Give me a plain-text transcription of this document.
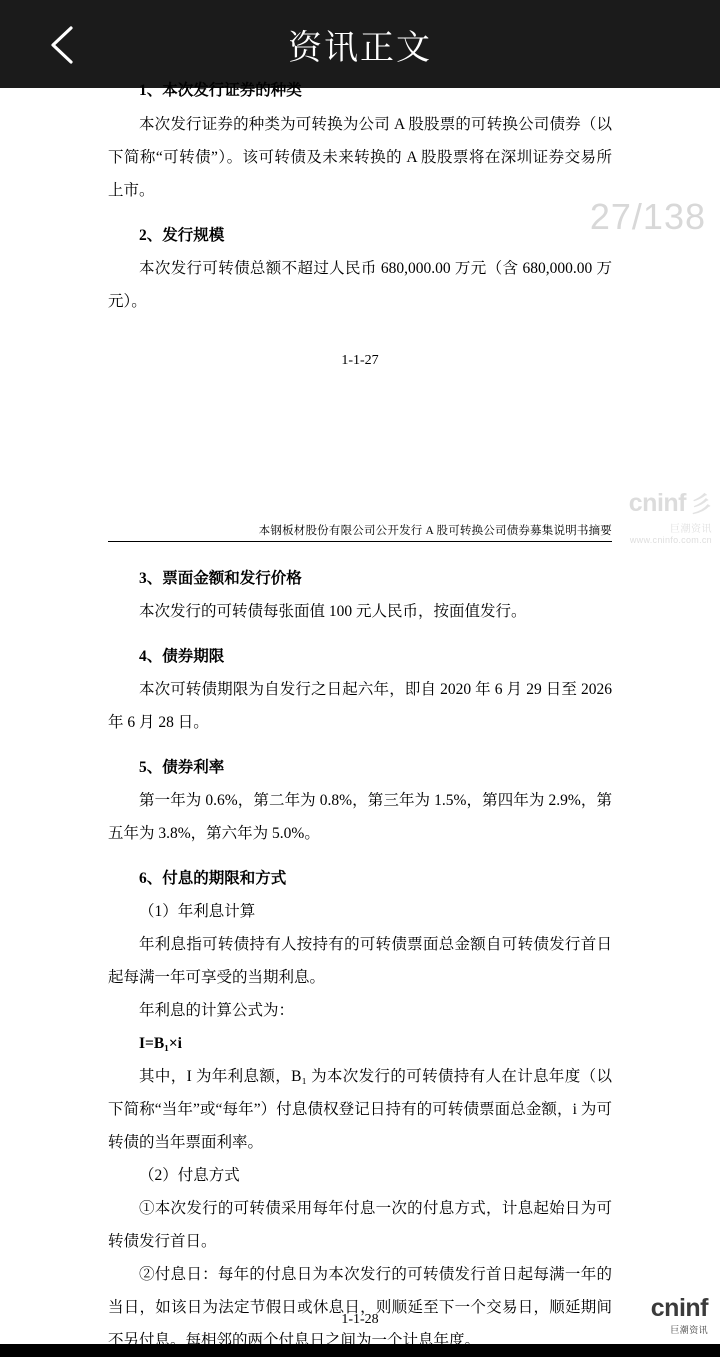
资讯正文
1、本次发行证券的种类

本次发行证券的种类为可转换为公司 A 股股票的可转换公司债券（以下简称“可转债”）。该可转债及未来转换的 A 股股票将在深圳证券交易所上市。

2、发行规模

本次发行可转债总额不超过人民币 680,000.00 万元（含 680,000.00 万元）。

1-1-27
本钢板材股份有限公司公开发行 A 股可转换公司债券募集说明书摘要

3、票面金额和发行价格

本次发行的可转债每张面值 100 元人民币，按面值发行。

4、债券期限

本次可转债期限为自发行之日起六年，即自 2020 年 6 月 29 日至 2026 年 6 月 28 日。

5、债券利率

第一年为 0.6%，第二年为 0.8%，第三年为 1.5%，第四年为 2.9%，第五年为 3.8%，第六年为 5.0%。

6、付息的期限和方式

（1）年利息计算

年利息指可转债持有人按持有的可转债票面总金额自可转债发行首日起每满一年可享受的当期利息。

年利息的计算公式为：

I=B₁×i

其中，I 为年利息额，B₁ 为本次发行的可转债持有人在计息年度（以下简称“当年”或“每年”）付息债权登记日持有的可转债票面总金额，i 为可转债的当年票面利率。

（2）付息方式

①本次发行的可转债采用每年付息一次的付息方式，计息起始日为可转债发行首日。

②付息日：每年的付息日为本次发行的可转债发行首日起每满一年的当日，如该日为法定节假日或休息日，则顺延至下一个交易日，顺延期间不另付息。每相邻的两个付息日之间为一个计息年度。

1-1-28
27/138
cninf 彡
巨潮资讯
www.cninfo.com.cn
cninf
巨潮资讯
